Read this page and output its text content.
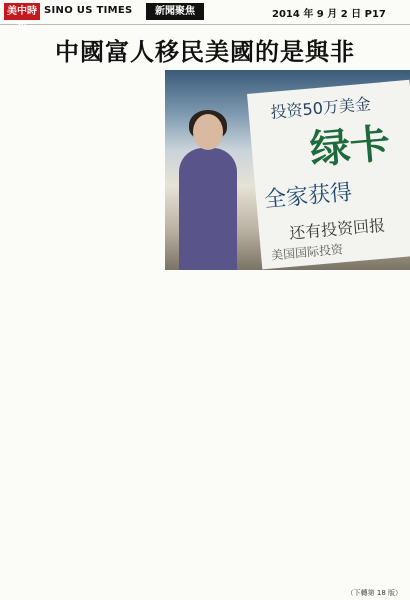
美中時報
SINO US TIMES	新聞聚焦	2014 年 9 月 2 日 P17
中國富人移民美國的是與非

投资50万美金
绿卡
全家获得
还有投资回报
美国国际投资

（下轉第 18 版）
